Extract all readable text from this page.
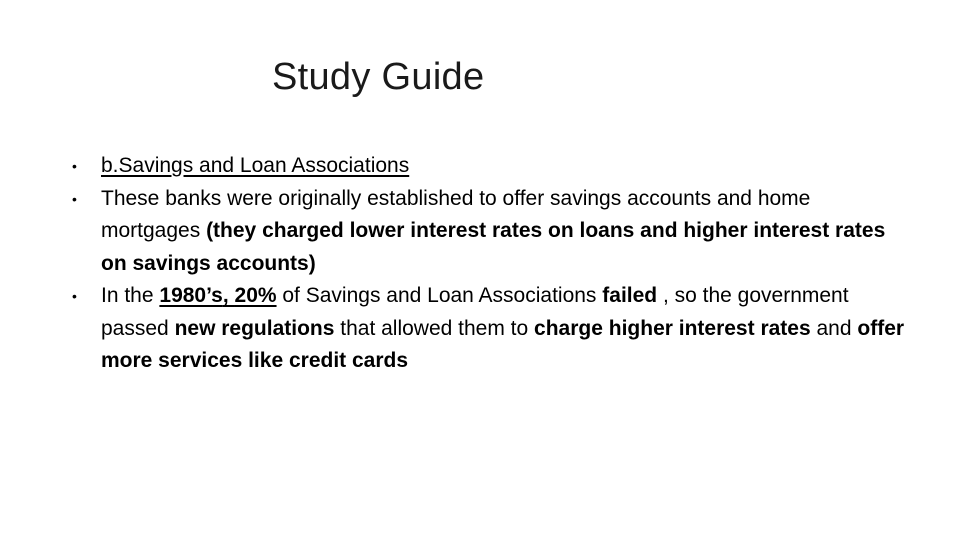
Study Guide
•	b.Savings and Loan Associations
•	These banks were originally established to offer savings accounts and home mortgages (they charged lower interest rates on loans and higher interest rates on savings accounts)
•	In the 1980’s, 20% of Savings and Loan Associations failed , so the government passed new regulations that allowed them to charge higher interest rates and offer more services like credit cards
